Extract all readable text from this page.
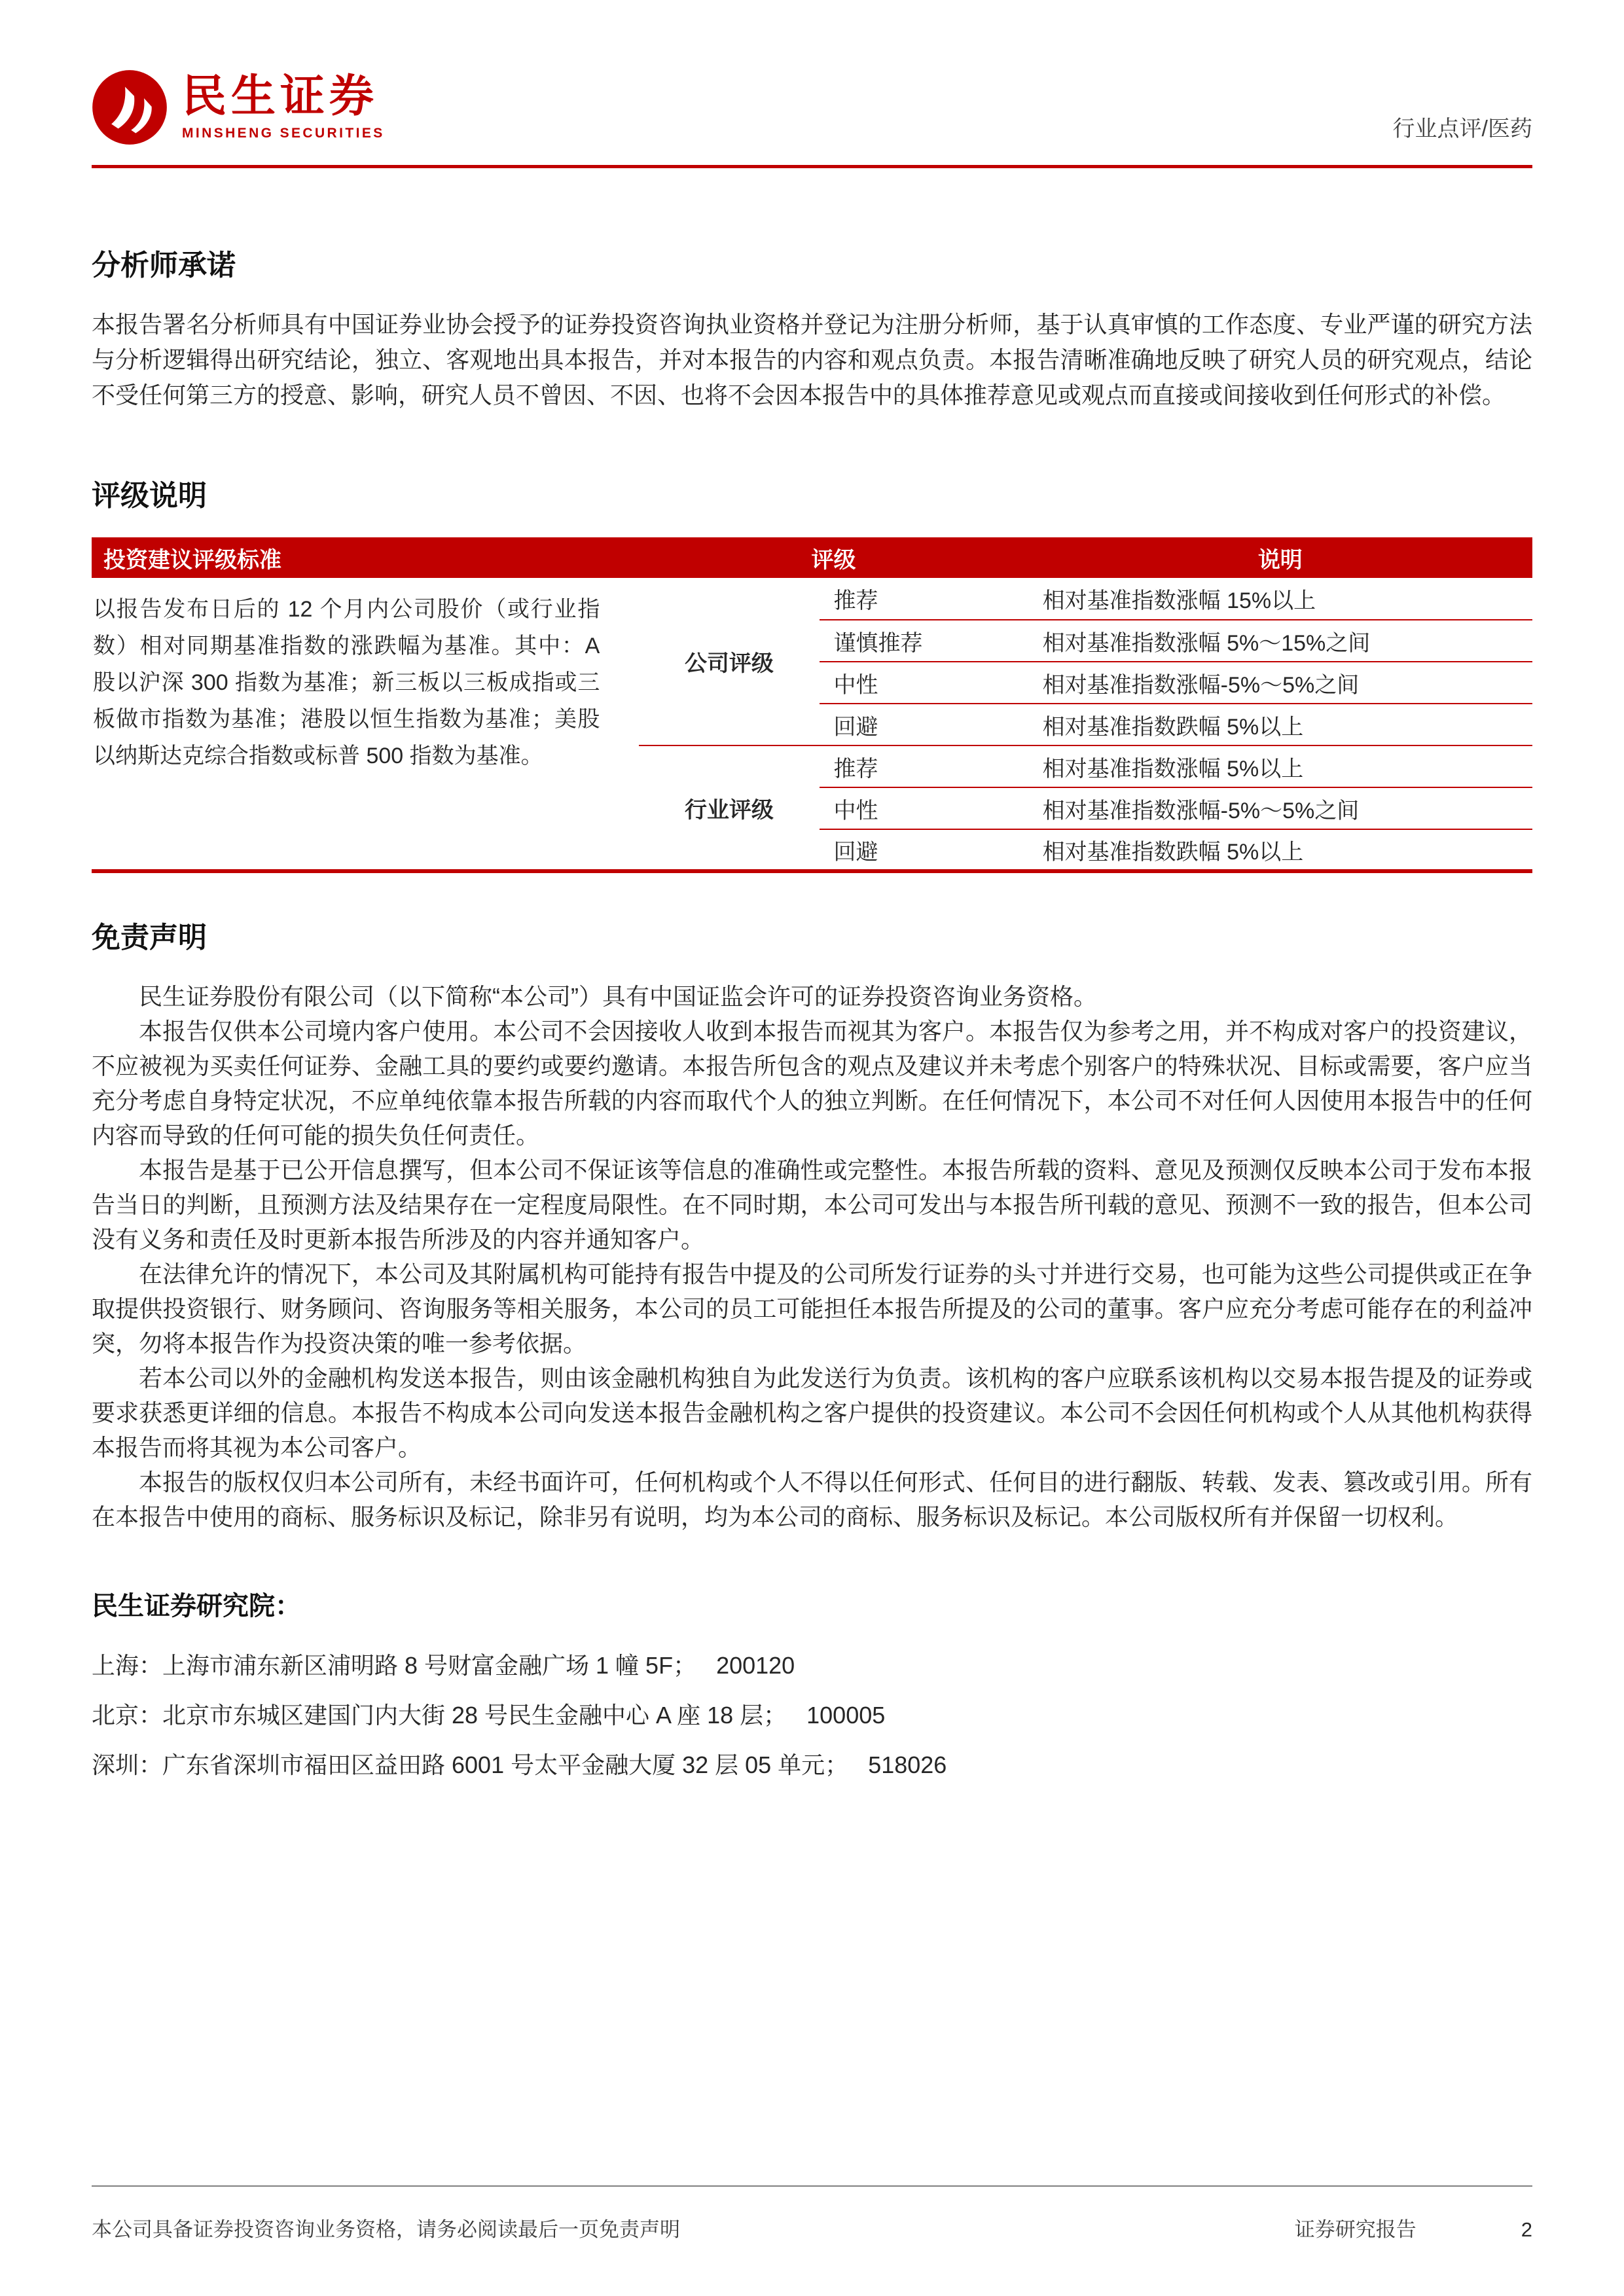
民生证券
MINSHENG SECURITIES	行业点评/医药
分析师承诺

本报告署名分析师具有中国证券业协会授予的证券投资咨询执业资格并登记为注册分析师，基于认真审慎的工作态度、专业严谨的研究方法与分析逻辑得出研究结论，独立、客观地出具本报告，并对本报告的内容和观点负责。本报告清晰准确地反映了研究人员的研究观点，结论不受任何第三方的授意、影响，研究人员不曾因、不因、也将不会因本报告中的具体推荐意见或观点而直接或间接收到任何形式的补偿。

评级说明
投资建议评级标准	评级		说明
以报告发布日后的 12 个月内公司股价（或行业指数）相对同期基准指数的涨跌幅为基准。其中：A 股以沪深 300 指数为基准；新三板以三板成指或三板做市指数为基准；港股以恒生指数为基准；美股以纳斯达克综合指数或标普 500 指数为基准。	公司评级	推荐	相对基准指数涨幅 15%以上
		谨慎推荐	相对基准指数涨幅 5%～15%之间
		中性	相对基准指数涨幅-5%～5%之间
		回避	相对基准指数跌幅 5%以上
	行业评级	推荐	相对基准指数涨幅 5%以上
		中性	相对基准指数涨幅-5%～5%之间
		回避	相对基准指数跌幅 5%以上
免责声明

民生证券股份有限公司（以下简称“本公司”）具有中国证监会许可的证券投资咨询业务资格。

本报告仅供本公司境内客户使用。本公司不会因接收人收到本报告而视其为客户。本报告仅为参考之用，并不构成对客户的投资建议，不应被视为买卖任何证券、金融工具的要约或要约邀请。本报告所包含的观点及建议并未考虑个别客户的特殊状况、目标或需要，客户应当充分考虑自身特定状况，不应单纯依靠本报告所载的内容而取代个人的独立判断。在任何情况下，本公司不对任何人因使用本报告中的任何内容而导致的任何可能的损失负任何责任。

本报告是基于已公开信息撰写，但本公司不保证该等信息的准确性或完整性。本报告所载的资料、意见及预测仅反映本公司于发布本报告当日的判断，且预测方法及结果存在一定程度局限性。在不同时期，本公司可发出与本报告所刊载的意见、预测不一致的报告，但本公司没有义务和责任及时更新本报告所涉及的内容并通知客户。

在法律允许的情况下，本公司及其附属机构可能持有报告中提及的公司所发行证券的头寸并进行交易，也可能为这些公司提供或正在争取提供投资银行、财务顾问、咨询服务等相关服务，本公司的员工可能担任本报告所提及的公司的董事。客户应充分考虑可能存在的利益冲突，勿将本报告作为投资决策的唯一参考依据。

若本公司以外的金融机构发送本报告，则由该金融机构独自为此发送行为负责。该机构的客户应联系该机构以交易本报告提及的证券或要求获悉更详细的信息。本报告不构成本公司向发送本报告金融机构之客户提供的投资建议。本公司不会因任何机构或个人从其他机构获得本报告而将其视为本公司客户。

本报告的版权仅归本公司所有，未经书面许可，任何机构或个人不得以任何形式、任何目的进行翻版、转载、发表、篡改或引用。所有在本报告中使用的商标、服务标识及标记，除非另有说明，均为本公司的商标、服务标识及标记。本公司版权所有并保留一切权利。

民生证券研究院：

上海：上海市浦东新区浦明路 8 号财富金融广场 1 幢 5F；   200120

北京：北京市东城区建国门内大街 28 号民生金融中心 A 座 18 层；   100005

深圳：广东省深圳市福田区益田路 6001 号太平金融大厦 32 层 05 单元；   518026

本公司具备证券投资咨询业务资格，请务必阅读最后一页免责声明	证券研究报告	2
